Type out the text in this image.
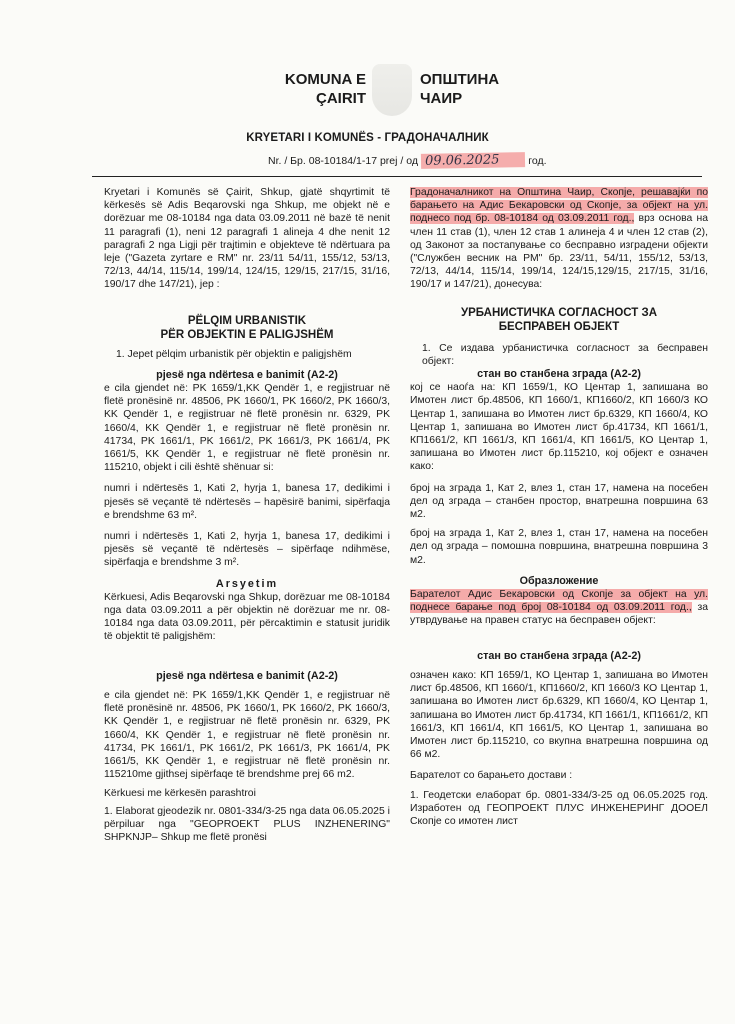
KOMUNA E
ÇAIRIT
ОПШТИНА
ЧАИР
KRYETARI I KOMUNËS - ГРАДОНАЧАЛНИК
Nr. / Бр. 08-10184/1-17 prej / од 09.06.2025 год.

Kryetari i Komunës së Çairit, Shkup, gjatë shqyrtimit të kërkesës së Adis Beqarovski nga Shkup, me objekt në e dorëzuar me 08-10184 nga data 03.09.2011 në bazë të nenit 11 paragrafi (1), neni 12 paragrafi 1 alineja 4 dhe nenit 12 paragrafi 2 nga Ligji për trajtimin e objekteve të ndërtuara pa leje ("Gazeta zyrtare e RM" nr. 23/11 54/11, 155/12, 53/13, 72/13, 44/14, 115/14, 199/14, 124/15, 129/15, 217/15, 31/16, 190/17 dhe 147/21), jep :

PËLQIM URBANISTIK
PËR OBJEKTIN E PALIGJSHËM

1. Jepet pëlqim urbanistik për objektin e paligjshëm

pjesë nga ndërtesa e banimit (A2-2)

e cila gjendet në: PK 1659/1,KK Qendër 1, e regjistruar në fletë pronësinë nr. 48506, PK 1660/1, PK 1660/2, PK 1660/3, KK Qendër 1, e regjistruar në fletë pronësin nr. 6329, PK 1660/4, KK Qendër 1, e regjistruar në fletë pronësin nr. 41734, PK 1661/1, PK 1661/2, PK 1661/3, PK 1661/4, PK 1661/5, KK Qendër 1, e regjistruar në fletë pronësin nr. 115210, objekt i cili është shënuar si:

numri i ndërtesës 1, Kati 2, hyrja 1, banesa 17, dedikimi i pjesës së veçantë të ndërtesës – hapësirë banimi, sipërfaqja e brendshme 63 m².

numri i ndërtesës 1, Kati 2, hyrja 1, banesa 17, dedikimi i pjesës së veçantë të ndërtesës – sipërfaqe ndihmëse, sipërfaqja e brendshme 3 m².

Arsyetim

Kërkuesi, Adis Beqarovski nga Shkup, dorëzuar me 08-10184 nga data 03.09.2011 a për objektin në dorëzuar me nr. 08-10184 nga data 03.09.2011, për përcaktimin e statusit juridik të objektit të paligjshëm:

pjesë nga ndërtesa e banimit (A2-2)

e cila gjendet në: PK 1659/1,KK Qendër 1, e regjistruar në fletë pronësinë nr. 48506, PK 1660/1, PK 1660/2, PK 1660/3, KK Qendër 1, e regjistruar në fletë pronësin nr. 6329, PK 1660/4, KK Qendër 1, e regjistruar në fletë pronësin nr. 41734, PK 1661/1, PK 1661/2, PK 1661/3, PK 1661/4, PK 1661/5, KK Qendër 1, e regjistruar në fletë pronësin nr. 115210me gjithsej sipërfaqe të brendshme prej 66 m2.

Kërkuesi me kërkesën parashtroi

1. Elaborat gjeodezik nr. 0801-334/3-25 nga data 06.05.2025 i përpiluar nga "GEOPROEKT PLUS INZHENERING" SHPKNJP– Shkup me fletë pronësi

Градоначалникот на Општина Чаир, Скопје, решавајќи по барањето на Адис Бекаровски од Скопје, за објект на ул. поднесо под бр. 08-10184 од 03.09.2011 год., врз основа на член 11 став (1), член 12 став 1 алинеја 4 и член 12 став (2), од Законот за постапување со бесправно изградени објекти ("Службен весник на РМ" бр. 23/11, 54/11, 155/12, 53/13, 72/13, 44/14, 115/14, 199/14, 124/15,129/15, 217/15, 31/16, 190/17 и 147/21), донесува:

УРБАНИСТИЧКА СОГЛАСНОСТ ЗА
БЕСПРАВЕН ОБЈЕКТ

1. Се издава урбанистичка согласност за бесправен објект:

стан во станбена зграда (А2-2)

кој се наоѓа на: КП 1659/1, КО Центар 1, запишана во Имотен лист бр.48506, КП 1660/1, КП1660/2, КП 1660/3 КО Центар 1, запишана во Имотен лист бр.6329, КП 1660/4, КО Центар 1, запишана во Имотен лист бр.41734, КП 1661/1, КП1661/2, КП 1661/3, КП 1661/4, КП 1661/5, КО Центар 1, запишана во Имотен лист бр.115210, кој објект е означен како:

број на зграда 1, Кат 2, влез 1, стан 17, намена на посебен дел од зграда – станбен простор, внатрешна површина 63 м2.

број на зграда 1, Кат 2, влез 1, стан 17, намена на посебен дел од зграда – помошна површина, внатрешна површина 3 м2.

Образложение

Барателот Адис Бекаровски од Скопје за објект на ул. поднесе барање под број 08-10184 од 03.09.2011 год., за утврдување на правен статус на бесправен објект:

стан во станбена зграда (А2-2)

означен како: КП 1659/1, КО Центар 1, запишана во Имотен лист бр.48506, КП 1660/1, КП1660/2, КП 1660/3 КО Центар 1, запишана во Имотен лист бр.6329, КП 1660/4, КО Центар 1, запишана во Имотен лист бр.41734, КП 1661/1, КП1661/2, КП 1661/3, КП 1661/4, КП 1661/5, КО Центар 1, запишана во Имотен лист бр.115210, со вкупна внатрешна површина од 66 м2.

Барателот со барањето достави :

1. Геодетски елаборат бр. 0801-334/3-25 од 06.05.2025 год. Изработен од ГЕОПРОЕКТ ПЛУС ИНЖЕНЕРИНГ ДООЕЛ Скопје со имотен лист
